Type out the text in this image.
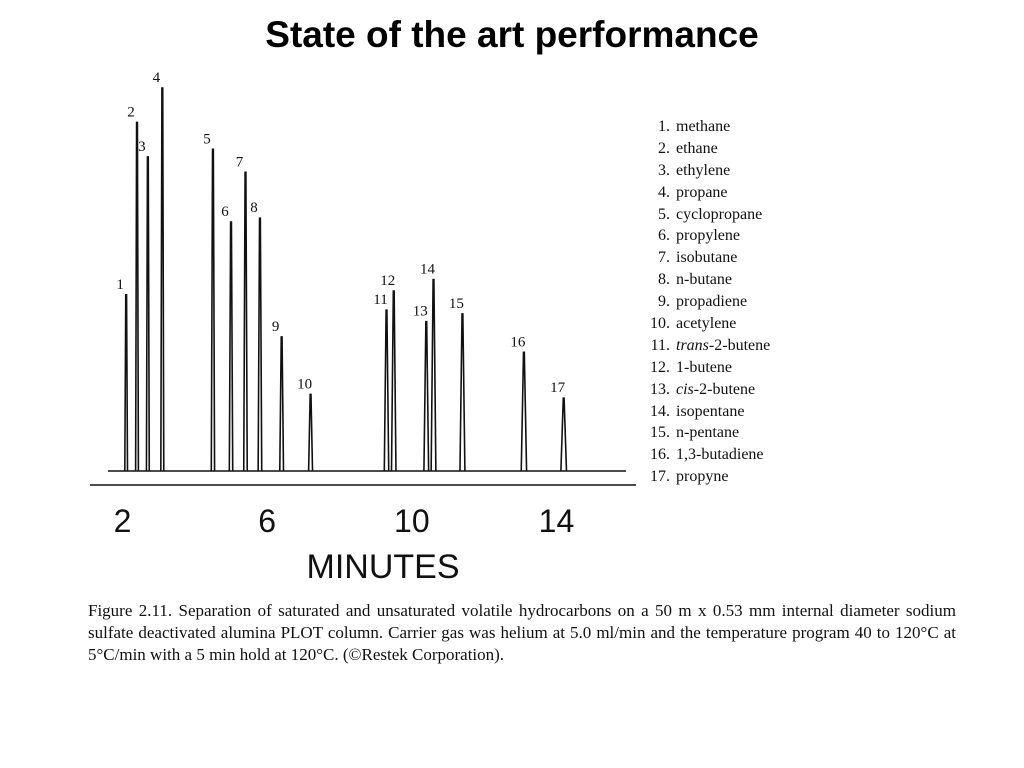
State of the art performance
1
2
3
4
5
6
7
8
9
10
11
12
13
14
15
16
17
2	6	10	14
MINUTES
1. methane
2. ethane
3. ethylene
4. propane
5. cyclopropane
6. propylene
7. isobutane
8. n-butane
9. propadiene
10. acetylene
11. trans-2-butene
12. 1-butene
13. cis-2-butene
14. isopentane
15. n-pentane
16. 1,3-butadiene
17. propyne

Figure 2.11. Separation of saturated and unsaturated volatile hydrocarbons on a 50 m x 0.53 mm internal diameter sodium sulfate deactivated alumina PLOT column. Carrier gas was helium at 5.0 ml/min and the temperature program 40 to 120°C at 5°C/min with a 5 min hold at 120°C. (©Restek Corporation).
